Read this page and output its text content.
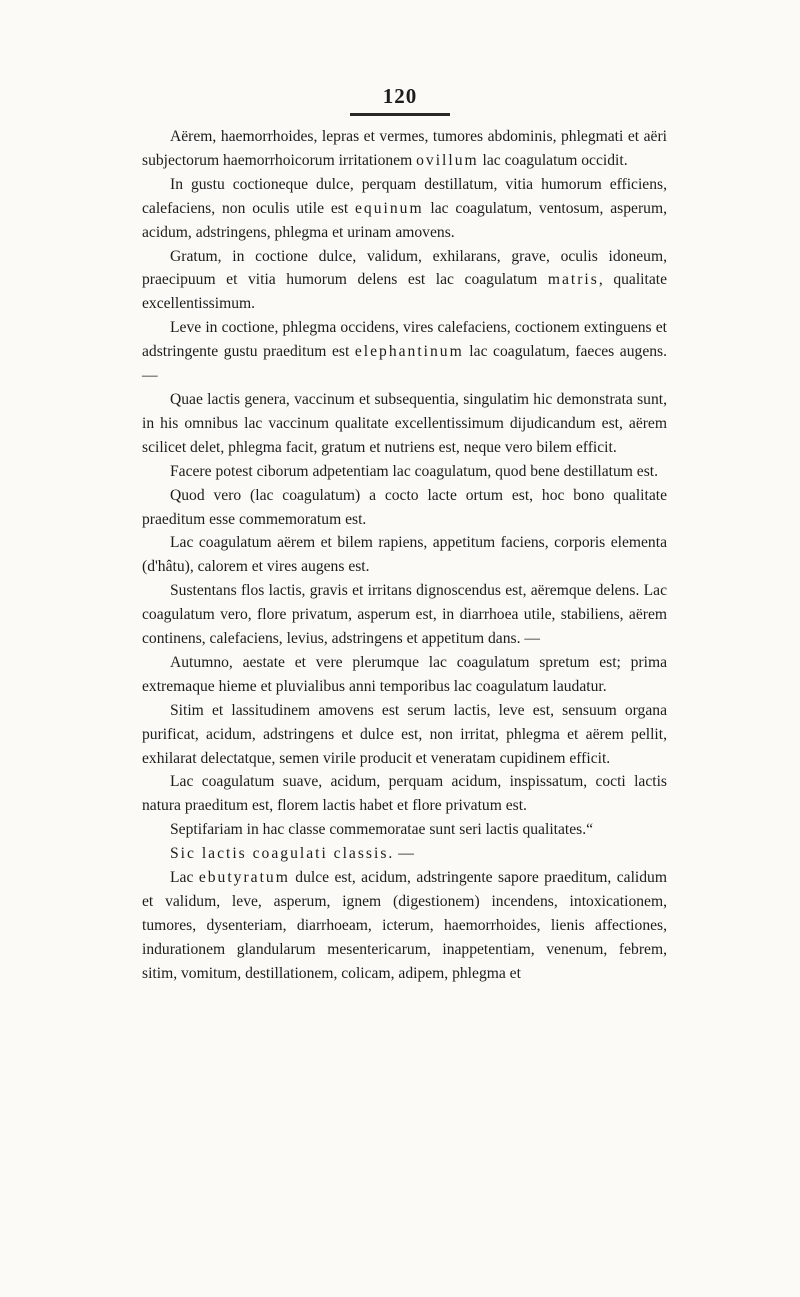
120

Aërem, haemorrhoides, lepras et vermes, tumores abdominis, phlegmati et aëri subjectorum haemorrhoicorum irritationem ovillum lac coagulatum occidit.

In gustu coctioneque dulce, perquam destillatum, vitia humorum efficiens, calefaciens, non oculis utile est equinum lac coagulatum, ventosum, asperum, acidum, adstringens, phlegma et urinam amovens.

Gratum, in coctione dulce, validum, exhilarans, grave, oculis idoneum, praecipuum et vitia humorum delens est lac coagulatum matris, qualitate excellentissimum.

Leve in coctione, phlegma occidens, vires calefaciens, coctionem extinguens et adstringente gustu praeditum est elephantinum lac coagulatum, faeces augens. —

Quae lactis genera, vaccinum et subsequentia, singulatim hic demonstrata sunt, in his omnibus lac vaccinum qualitate excellentissimum dijudicandum est, aërem scilicet delet, phlegma facit, gratum et nutriens est, neque vero bilem efficit.

Facere potest ciborum adpetentiam lac coagulatum, quod bene destillatum est.

Quod vero (lac coagulatum) a cocto lacte ortum est, hoc bono qualitate praeditum esse commemoratum est.

Lac coagulatum aërem et bilem rapiens, appetitum faciens, corporis elementa (d'hâtu), calorem et vires augens est.

Sustentans flos lactis, gravis et irritans dignoscendus est, aëremque delens. Lac coagulatum vero, flore privatum, asperum est, in diarrhoea utile, stabiliens, aërem continens, calefaciens, levius, adstringens et appetitum dans. —

Autumno, aestate et vere plerumque lac coagulatum spretum est; prima extremaque hieme et pluvialibus anni temporibus lac coagulatum laudatur.

Sitim et lassitudinem amovens est serum lactis, leve est, sensuum organa purificat, acidum, adstringens et dulce est, non irritat, phlegma et aërem pellit, exhilarat delectatque, semen virile producit et veneratam cupidinem efficit.

Lac coagulatum suave, acidum, perquam acidum, inspissatum, cocti lactis natura praeditum est, florem lactis habet et flore privatum est.

Septifariam in hac classe commemoratae sunt seri lactis qualitates.“

Sic lactis coagulati classis. —

Lac ebutyratum dulce est, acidum, adstringente sapore praeditum, calidum et validum, leve, asperum, ignem (digestionem) incendens, intoxicationem, tumores, dysenteriam, diarrhoeam, icterum, haemorrhoides, lienis affectiones, indurationem glandularum mesentericarum, inappetentiam, venenum, febrem, sitim, vomitum, destillationem, colicam, adipem, phlegma et
